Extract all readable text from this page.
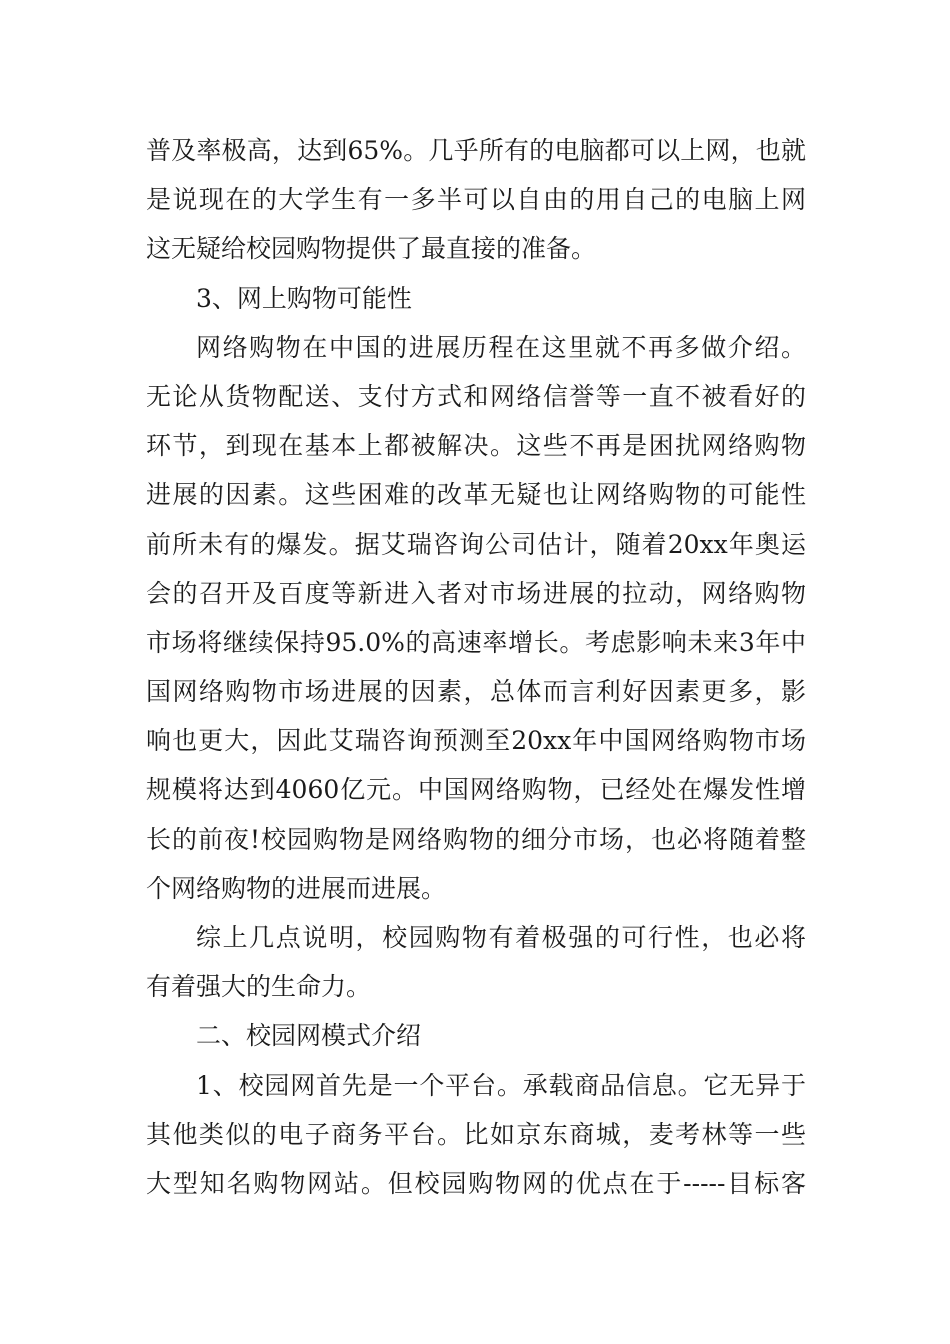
普及率极高，达到65%。几乎所有的电脑都可以上网，也就
是说现在的大学生有一多半可以自由的用自己的电脑上网
这无疑给校园购物提供了最直接的准备。
3、网上购物可能性
网络购物在中国的进展历程在这里就不再多做介绍。
无论从货物配送、支付方式和网络信誉等一直不被看好的
环节，到现在基本上都被解决。这些不再是困扰网络购物
进展的因素。这些困难的改革无疑也让网络购物的可能性
前所未有的爆发。据艾瑞咨询公司估计，随着20xx年奥运
会的召开及百度等新进入者对市场进展的拉动，网络购物
市场将继续保持95.0%的高速率增长。考虑影响未来3年中
国网络购物市场进展的因素，总体而言利好因素更多，影
响也更大，因此艾瑞咨询预测至20xx年中国网络购物市场
规模将达到4060亿元。中国网络购物，已经处在爆发性增
长的前夜!校园购物是网络购物的细分市场，也必将随着整
个网络购物的进展而进展。
综上几点说明，校园购物有着极强的可行性，也必将
有着强大的生命力。
二、校园网模式介绍
1、校园网首先是一个平台。承载商品信息。它无异于
其他类似的电子商务平台。比如京东商城，麦考林等一些
大型知名购物网站。但校园购物网的优点在于-----目标客
